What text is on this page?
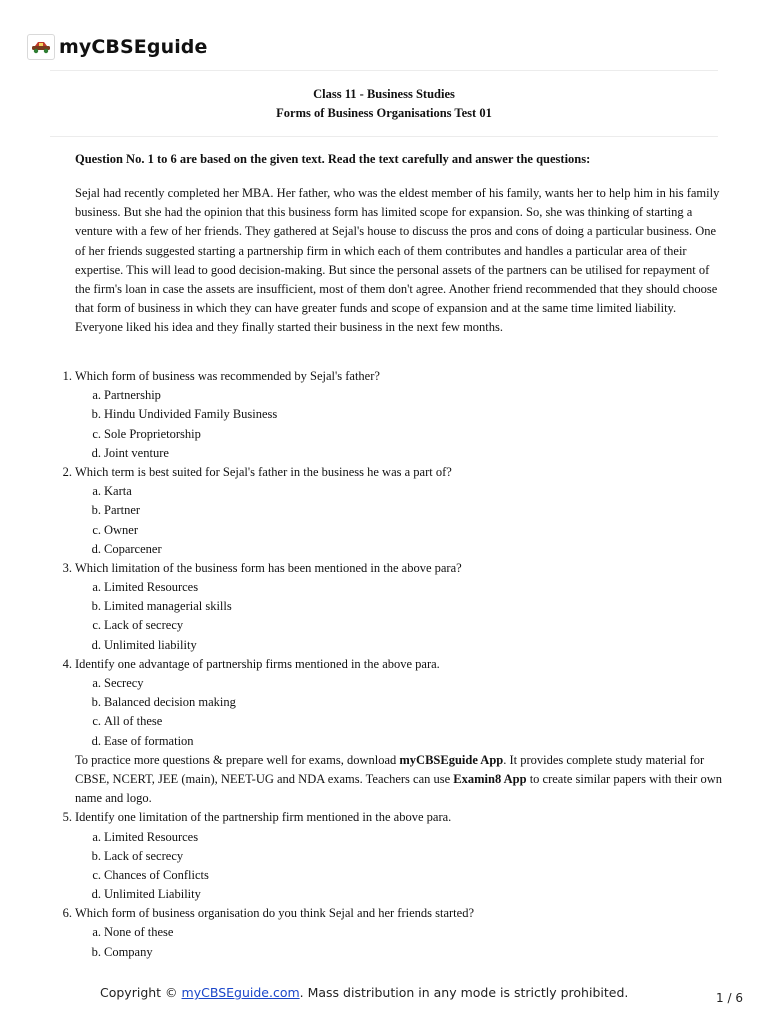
myCBSEguide
Class 11 - Business Studies
Forms of Business Organisations Test 01

Question No. 1 to 6 are based on the given text. Read the text carefully and answer the questions:

Sejal had recently completed her MBA. Her father, who was the eldest member of his family, wants her to help him in his family business. But she had the opinion that this business form has limited scope for expansion. So, she was thinking of starting a venture with a few of her friends. They gathered at Sejal's house to discuss the pros and cons of doing a particular business. One of her friends suggested starting a partnership firm in which each of them contributes and handles a particular area of their expertise. This will lead to good decision-making. But since the personal assets of the partners can be utilised for repayment of the firm's loan in case the assets are insufficient, most of them don't agree. Another friend recommended that they should choose that form of business in which they can have greater funds and scope of expansion and at the same time limited liability. Everyone liked his idea and they finally started their business in the next few months.

1. Which form of business was recommended by Sejal's father?
a. Partnership
b. Hindu Undivided Family Business
c. Sole Proprietorship
d. Joint venture
2. Which term is best suited for Sejal's father in the business he was a part of?
a. Karta
b. Partner
c. Owner
d. Coparcener
3. Which limitation of the business form has been mentioned in the above para?
a. Limited Resources
b. Limited managerial skills
c. Lack of secrecy
d. Unlimited liability
4. Identify one advantage of partnership firms mentioned in the above para.
a. Secrecy
b. Balanced decision making
c. All of these
d. Ease of formation
To practice more questions & prepare well for exams, download myCBSEguide App. It provides complete study material for CBSE, NCERT, JEE (main), NEET-UG and NDA exams. Teachers can use Examin8 App to create similar papers with their own name and logo.
5. Identify one limitation of the partnership firm mentioned in the above para.
a. Limited Resources
b. Lack of secrecy
c. Chances of Conflicts
d. Unlimited Liability
6. Which form of business organisation do you think Sejal and her friends started?
a. None of these
b. Company
Copyright © myCBSEguide.com. Mass distribution in any mode is strictly prohibited.	1 / 6
